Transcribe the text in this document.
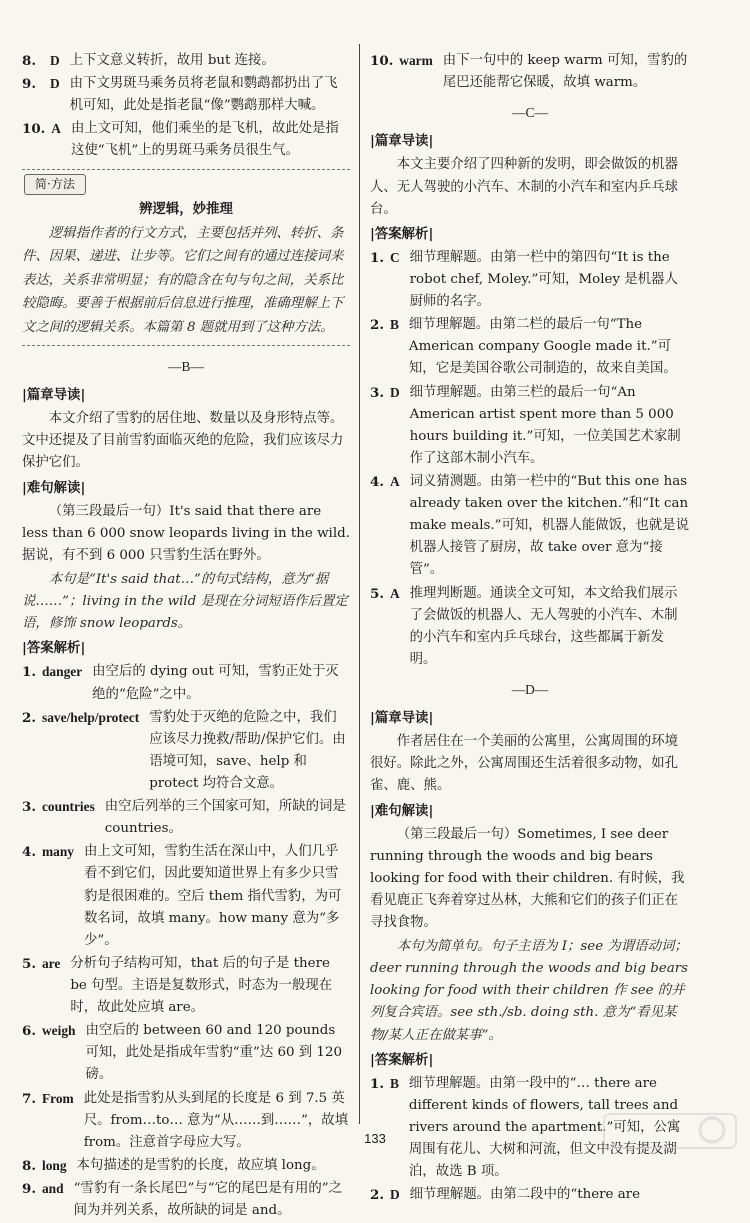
8.	D 上下文意义转折，故用 but 连接。
9.	D 由下文男斑马乘务员将老鼠和鹦鹉都扔出了飞机可知，此处是指老鼠“像”鹦鹉那样大喊。
10. A 由上文可知，他们乘坐的是飞机，故此处是指这使“飞机”上的男斑马乘务员很生气。
简·方法
辨逻辑，妙推理
逻辑指作者的行文方式，主要包括并列、转折、条件、因果、递进、让步等。它们之间有的通过连接词来表达，关系非常明显；有的隐含在句与句之间，关系比较隐晦。要善于根据前后信息进行推理，准确理解上下文之间的逻辑关系。本篇第 8 题就用到了这种方法。
—B—
| 篇章导读 |
本文介绍了雪豹的居住地、数量以及身形特点等。文中还提及了目前雪豹面临灭绝的危险，我们应该尽力保护它们。
| 难句解读 |
（第三段最后一句）It's said that there are less than 6 000 snow leopards living in the wild. 据说，有不到 6 000 只雪豹生活在野外。
本句是“It's said that…”的句式结构，意为“据说……”；living in the wild 是现在分词短语作后置定语，修饰 snow leopards。
| 答案解析 |
1. danger 由空后的 dying out 可知，雪豹正处于灭绝的“危险”之中。
2. save/help/protect 雪豹处于灭绝的危险之中，我们应该尽力挽救/帮助/保护它们。由语境可知，save、help 和 protect 均符合文意。
3. countries 由空后列举的三个国家可知，所缺的词是 countries。
4. many 由上文可知，雪豹生活在深山中，人们几乎看不到它们，因此要知道世界上有多少只雪豹是很困难的。空后 them 指代雪豹，为可数名词，故填 many。how many 意为“多少”。
5. are 分析句子结构可知，that 后的句子是 there be 句型。主语是复数形式，时态为一般现在时，故此处应填 are。
6. weigh 由空后的 between 60 and 120 pounds 可知，此处是指成年雪豹“重”达 60 到 120 磅。
7. From 此处是指雪豹从头到尾的长度是 6 到 7.5 英尺。from…to… 意为“从……到……”，故填 from。注意首字母应大写。
8. long 本句描述的是雪豹的长度，故应填 long。
9. and “雪豹有一条长尾巴”与“它的尾巴是有用的”之间为并列关系，故所缺的词是 and。
10. warm 由下一句中的 keep warm 可知，雪豹的尾巴还能帮它保暖，故填 warm。
—C—
| 篇章导读 |
本文主要介绍了四种新的发明，即会做饭的机器人、无人驾驶的小汽车、木制的小汽车和室内乒乓球台。
| 答案解析 |
1. C 细节理解题。由第一栏中的第四句“It is the robot chef, Moley.”可知，Moley 是机器人厨师的名字。
2. B 细节理解题。由第二栏的最后一句“The American company Google made it.”可知，它是美国谷歌公司制造的，故来自美国。
3. D 细节理解题。由第三栏的最后一句“An American artist spent more than 5 000 hours building it.”可知，一位美国艺术家制作了这部木制小汽车。
4. A 词义猜测题。由第一栏中的“But this one has already taken over the kitchen.”和“It can make meals.”可知，机器人能做饭，也就是说机器人接管了厨房，故 take over 意为“接管”。
5. A 推理判断题。通读全文可知，本文给我们展示了会做饭的机器人、无人驾驶的小汽车、木制的小汽车和室内乒乓球台，这些都属于新发明。
—D—
| 篇章导读 |
作者居住在一个美丽的公寓里，公寓周围的环境很好。除此之外，公寓周围还生活着很多动物，如孔雀、鹿、熊。
| 难句解读 |
（第三段最后一句）Sometimes, I see deer running through the woods and big bears looking for food with their children. 有时候，我看见鹿正飞奔着穿过丛林，大熊和它们的孩子们正在寻找食物。
本句为简单句。句子主语为 I；see 为谓语动词；deer running through the woods and big bears looking for food with their children 作 see 的并列复合宾语。see sth./sb. doing sth. 意为“看见某物/某人正在做某事”。
| 答案解析 |
1. B 细节理解题。由第一段中的“… there are different kinds of flowers, tall trees and rivers around the apartment.”可知，公寓周围有花儿、大树和河流，但文中没有提及湖泊，故选 B 项。
2. D 细节理解题。由第二段中的“there are
133
